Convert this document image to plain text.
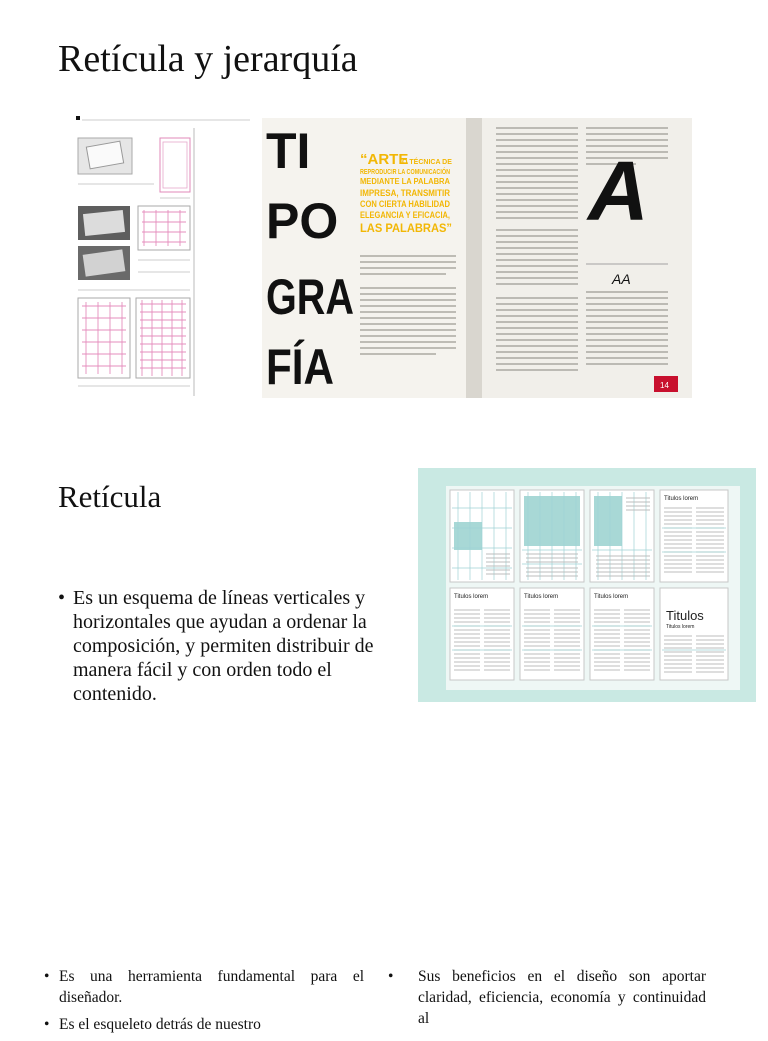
Retícula y jerarquía
TI
PO
GRA
FÍA
“ARTE
O TÉCNICA DE
REPRODUCIR LA COMUNICACIÓN
MEDIANTE LA PALABRA
IMPRESA, TRANSMITIR
CON CIERTA HABILIDAD
ELEGANCIA Y EFICACIA,
LAS PALABRAS” A
AA
14
Retícula
• Es un esquema de líneas verticales y horizontales que ayudan a ordenar la composición, y permiten distribuir de manera fácil y con orden todo el contenido.
Titulos lorem
Titulos lorem	Titulos lorem	Titulos lorem
Titulos
Titulos lorem
• Es una herramienta fundamental para el diseñador.
• Es el esqueleto detrás de nuestro
• Sus beneficios en el diseño son aportar claridad, eficiencia, economía y continuidad al
